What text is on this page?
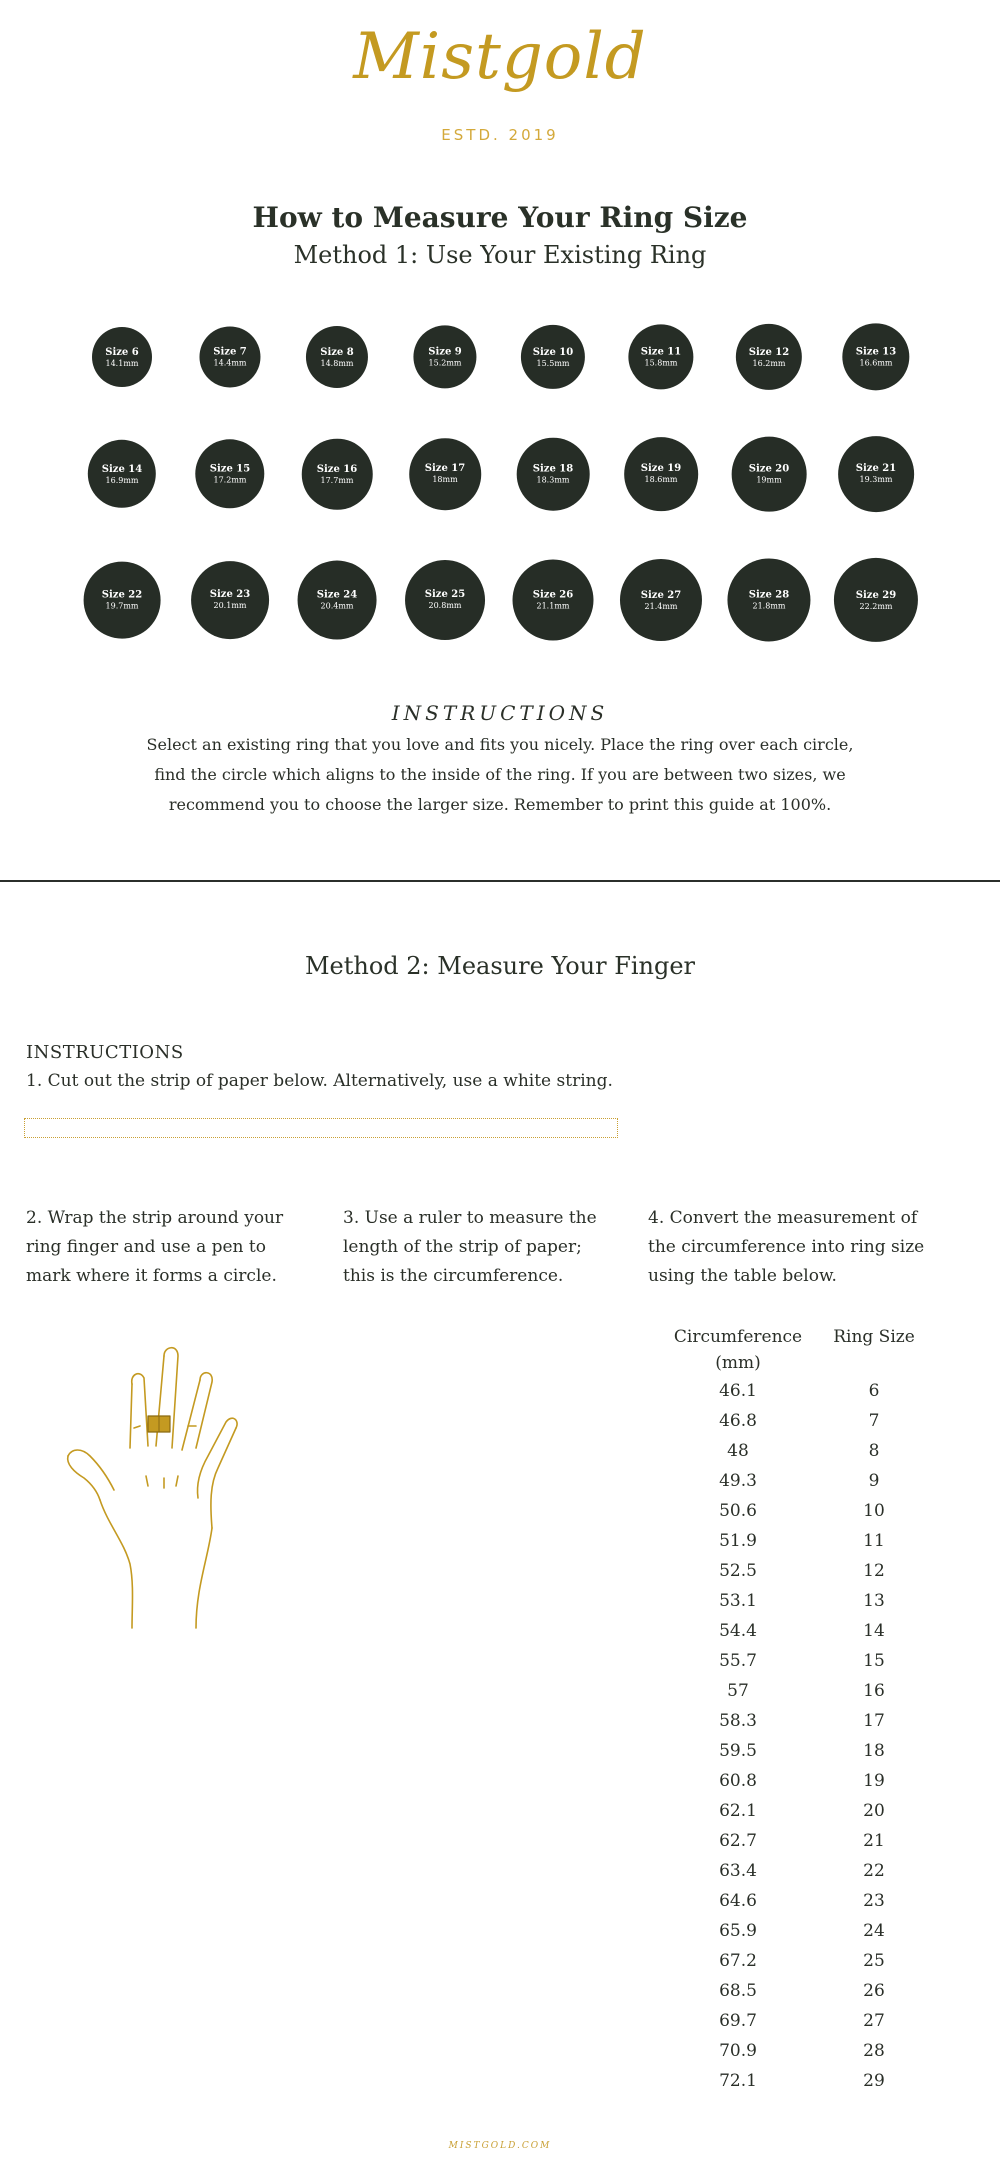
Mistgold
ESTD. 2019
How to Measure Your Ring Size
Method 1: Use Your Existing Ring
Size 6
14.1mm
Size 7
14.4mm
Size 8
14.8mm
Size 9
15.2mm
Size 10
15.5mm
Size 11
15.8mm
Size 12
16.2mm
Size 13
16.6mm
Size 14
16.9mm
Size 15
17.2mm
Size 16
17.7mm
Size 17
18mm
Size 18
18.3mm
Size 19
18.6mm
Size 20
19mm
Size 21
19.3mm
Size 22
19.7mm
Size 23
20.1mm
Size 24
20.4mm
Size 25
20.8mm
Size 26
21.1mm
Size 27
21.4mm
Size 28
21.8mm
Size 29
22.2mm
INSTRUCTIONS
Select an existing ring that you love and fits you nicely. Place the ring over each circle, find the circle which aligns to the inside of the ring. If you are between two sizes, we recommend you to choose the larger size. Remember to print this guide at 100%.
Method 2: Measure Your Finger
INSTRUCTIONS
1. Cut out the strip of paper below. Alternatively, use a white string.
2. Wrap the strip around your ring finger and use a pen to mark where it forms a circle.
3. Use a ruler to measure the length of the strip of paper; this is the circumference.
4. Convert the measurement of the circumference into ring size using the table below.
Circumference (mm)
Ring Size
46.1	6
46.8	7
48	8
49.3	9
50.6	10
51.9	11
52.5	12
53.1	13
54.4	14
55.7	15
57	16
58.3	17
59.5	18
60.8	19
62.1	20
62.7	21
63.4	22
64.6	23
65.9	24
67.2	25
68.5	26
69.7	27
70.9	28
72.1	29
MISTGOLD.COM
